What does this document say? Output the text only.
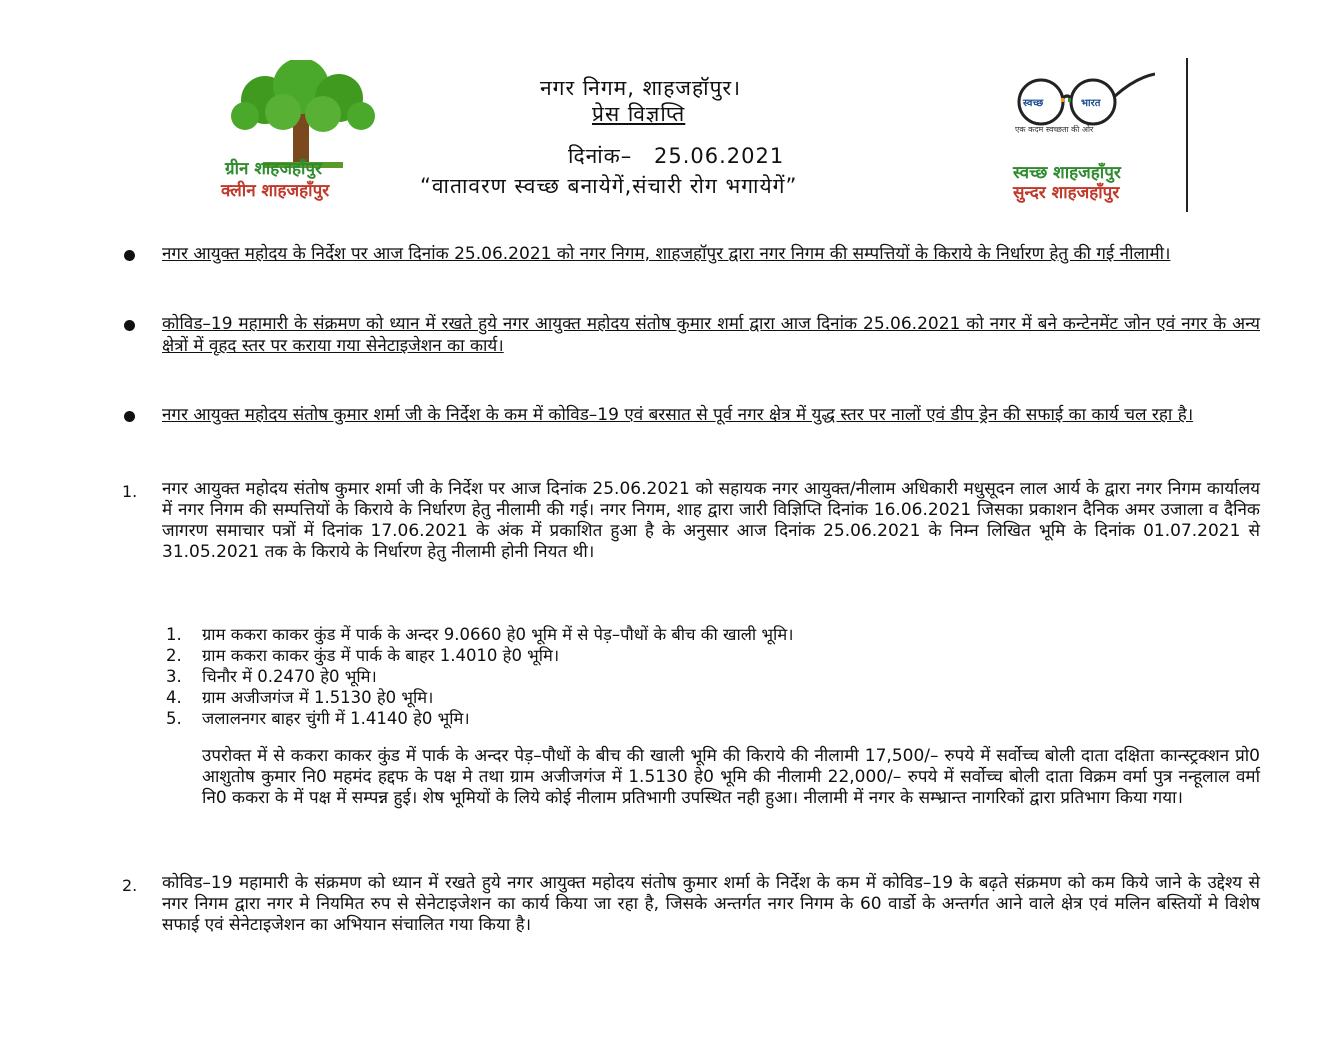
ग्रीन शाहजहाँपुर
क्लीन शाहजहाँपुर
नगर निगम, शाहजहॉपुर।
प्रेस विज्ञप्ति
दिनांक– 25.06.2021
“वातावरण स्वच्छ बनायेगें,संचारी रोग भगायेगें”
स्वच्छ	भारत
एक कदम स्वच्छता की ओर
स्वच्छ शाहजहाँपुर
सुन्दर शाहजहाँपुर
नगर आयुक्त महोदय के निर्देश पर आज दिनांक 25.06.2021 को नगर निगम, शाहजहॉपुर द्वारा नगर निगम की सम्पत्तियों के किराये के निर्धारण हेतु की गई नीलामी।
कोविड–19 महामारी के संक्रमण को ध्यान में रखते हुये नगर आयुक्त महोदय संतोष कुमार शर्मा द्वारा आज दिनांक 25.06.2021 को नगर में बने कन्टेनमेंट जोन एवं नगर के अन्य क्षेत्रों में वृहद स्तर पर कराया गया सेनेटाइजेशन का कार्य।
नगर आयुक्त महोदय संतोष कुमार शर्मा जी के निर्देश के कम में कोविड–19 एवं बरसात से पूर्व नगर क्षेत्र में युद्ध स्तर पर नालों एवं डीप ड्रेन की सफाई का कार्य चल रहा है।
1. नगर आयुक्त महोदय संतोष कुमार शर्मा जी के निर्देश पर आज दिनांक 25.06.2021 को सहायक नगर आयुक्त/नीलाम अधिकारी मधुसूदन लाल आर्य के द्वारा नगर निगम कार्यालय में नगर निगम की सम्पत्तियों के किराये के निर्धारण हेतु नीलामी की गई। नगर निगम, शाह द्वारा जारी विज्ञिप्ति दिनांक 16.06.2021 जिसका प्रकाशन दैनिक अमर उजाला व दैनिक जागरण समाचार पत्रों में दिनांक 17.06.2021 के अंक में प्रकाशित हुआ है के अनुसार आज दिनांक 25.06.2021 के निम्न लिखित भूमि के दिनांक 01.07.2021 से 31.05.2021 तक के किराये के निर्धारण हेतु नीलामी होनी नियत थी।
1. ग्राम ककरा काकर कुंड में पार्क के अन्दर 9.0660 हे0 भूमि में से पेड़–पौधों के बीच की खाली भूमि।
2. ग्राम ककरा काकर कुंड में पार्क के बाहर 1.4010 हे0 भूमि।
3. चिनौर में 0.2470 हे0 भूमि।
4. ग्राम अजीजगंज में 1.5130 हे0 भूमि।
5. जलालनगर बाहर चुंगी में 1.4140 हे0 भूमि।
उपरोक्त में से ककरा काकर कुंड में पार्क के अन्दर पेड़–पौधों के बीच की खाली भूमि की किराये की नीलामी 17,500/– रुपये में सर्वोच्च बोली दाता दक्षिता कान्स्ट्रक्शन प्रो0 आशुतोष कुमार नि0 महमंद हद्दफ के पक्ष मे तथा ग्राम अजीजगंज में 1.5130 हे0 भूमि की नीलामी 22,000/– रुपये में सर्वोच्च बोली दाता विक्रम वर्मा पुत्र नन्हूलाल वर्मा नि0 ककरा के में पक्ष में सम्पन्न हुई। शेष भूमियों के लिये कोई नीलाम प्रतिभागी उपस्थित नही हुआ। नीलामी में नगर के सम्भ्रान्त नागरिकों द्वारा प्रतिभाग किया गया।
2. कोविड–19 महामारी के संक्रमण को ध्यान में रखते हुये नगर आयुक्त महोदय संतोष कुमार शर्मा के निर्देश के कम में कोविड–19 के बढ़ते संक्रमण को कम किये जाने के उद्देश्य से नगर निगम द्वारा नगर मे नियमित रुप से सेनेटाइजेशन का कार्य किया जा रहा है, जिसके अन्तर्गत नगर निगम के 60 वार्डो के अन्तर्गत आने वाले क्षेत्र एवं मलिन बस्तियों मे विशेष सफाई एवं सेनेटाइजेशन का अभियान संचालित गया किया है।
